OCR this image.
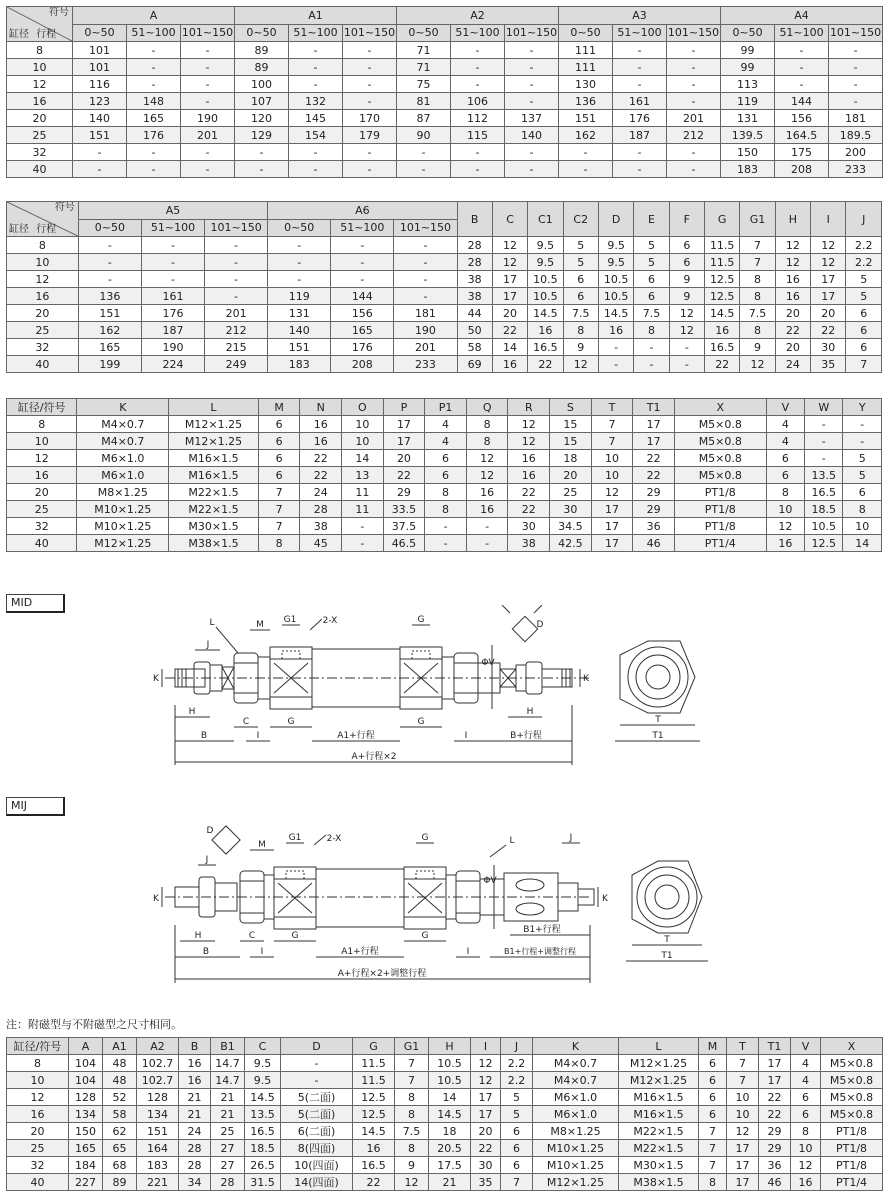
符号
缸径 行程	A			A1			A2			A3			A4		
	0~50	51~100	101~150	0~50	51~100	101~150	0~50	51~100	101~150	0~50	51~100	101~150	0~50	51~100	101~150
8	101	-	-	89	-	-	71	-	-	111	-	-	99	-	-
10	101	-	-	89	-	-	71	-	-	111	-	-	99	-	-
12	116	-	-	100	-	-	75	-	-	130	-	-	113	-	-
16	123	148	-	107	132	-	81	106	-	136	161	-	119	144	-
20	140	165	190	120	145	170	87	112	137	151	176	201	131	156	181
25	151	176	201	129	154	179	90	115	140	162	187	212	139.5	164.5	189.5
32	-	-	-	-	-	-	-	-	-	-	-	-	150	175	200
40	-	-	-	-	-	-	-	-	-	-	-	-	183	208	233
符号
缸径 行程	A5			A6			B	C	C1	C2	D	E	F	G	G1	H	I	J
	0~50	51~100	101~150	0~50	51~100	101~150												
8	-	-	-	-	-	-	28	12	9.5	5	9.5	5	6	11.5	7	12	12	2.2
10	-	-	-	-	-	-	28	12	9.5	5	9.5	5	6	11.5	7	12	12	2.2
12	-	-	-	-	-	-	38	17	10.5	6	10.5	6	9	12.5	8	16	17	5
16	136	161	-	119	144	-	38	17	10.5	6	10.5	6	9	12.5	8	16	17	5
20	151	176	201	131	156	181	44	20	14.5	7.5	14.5	7.5	12	14.5	7.5	20	20	6
25	162	187	212	140	165	190	50	22	16	8	16	8	12	16	8	22	22	6
32	165	190	215	151	176	201	58	14	16.5	9	-	-	-	16.5	9	20	30	6
40	199	224	249	183	208	233	69	16	22	12	-	-	-	22	12	24	35	7
缸径/符号	K	L	M	N	O	P	P1	Q	R	S	T	T1	X	V	W	Y
8	M4×0.7	M12×1.25	6	16	10	17	4	8	12	15	7	17	M5×0.8	4	-	-
10	M4×0.7	M12×1.25	6	16	10	17	4	8	12	15	7	17	M5×0.8	4	-	-
12	M6×1.0	M16×1.5	6	22	14	20	6	12	16	18	10	22	M5×0.8	6	-	5
16	M6×1.0	M16×1.5	6	22	13	22	6	12	16	20	10	22	M5×0.8	6	13.5	5
20	M8×1.25	M22×1.5	7	24	11	29	8	16	22	25	12	29	PT1/8	8	16.5	6
25	M10×1.25	M22×1.5	7	28	11	33.5	8	16	22	30	17	29	PT1/8	10	18.5	8
32	M10×1.25	M30×1.5	7	38	-	37.5	-	-	30	34.5	17	36	PT1/8	12	10.5	10
40	M12×1.25	M38×1.5	8	45	-	46.5	-	-	38	42.5	17	46	PT1/4	16	12.5	14
MID
J
M G1	2-X	G	D
L
K
ΦV
K
H	H
C	G	G
B	I	A1+行程	I	B+行程
A+行程×2
T
T1
MIJ
D
G1	2-X	G
J
M	L
ΦV
J
K	K
H	C	G	G
B1+行程
B	I	A1+行程	I	B1+行程+调整行程
A+行程×2+调整行程
T
T1
注：附磁型与不附磁型之尺寸相同。
缸径/符号	A	A1	A2	B	B1	C	D	G	G1	H	I	J	K	L	M	T	T1	V	X
8	104	48	102.7	16	14.7	9.5	-	11.5	7	10.5	12	2.2	M4×0.7	M12×1.25	6	7	17	4	M5×0.8
10	104	48	102.7	16	14.7	9.5	-	11.5	7	10.5	12	2.2	M4×0.7	M12×1.25	6	7	17	4	M5×0.8
12	128	52	128	21	21	14.5	5(二面)	12.5	8	14	17	5	M6×1.0	M16×1.5	6	10	22	6	M5×0.8
16	134	58	134	21	21	13.5	5(二面)	12.5	8	14.5	17	5	M6×1.0	M16×1.5	6	10	22	6	M5×0.8
20	150	62	151	24	25	16.5	6(二面)	14.5	7.5	18	20	6	M8×1.25	M22×1.5	7	12	29	8	PT1/8
25	165	65	164	28	27	18.5	8(四面)	16	8	20.5	22	6	M10×1.25	M22×1.5	7	17	29	10	PT1/8
32	184	68	183	28	27	26.5	10(四面)	16.5	9	17.5	30	6	M10×1.25	M30×1.5	7	17	36	12	PT1/8
40	227	89	221	34	28	31.5	14(四面)	22	12	21	35	7	M12×1.25	M38×1.5	8	17	46	16	PT1/4
